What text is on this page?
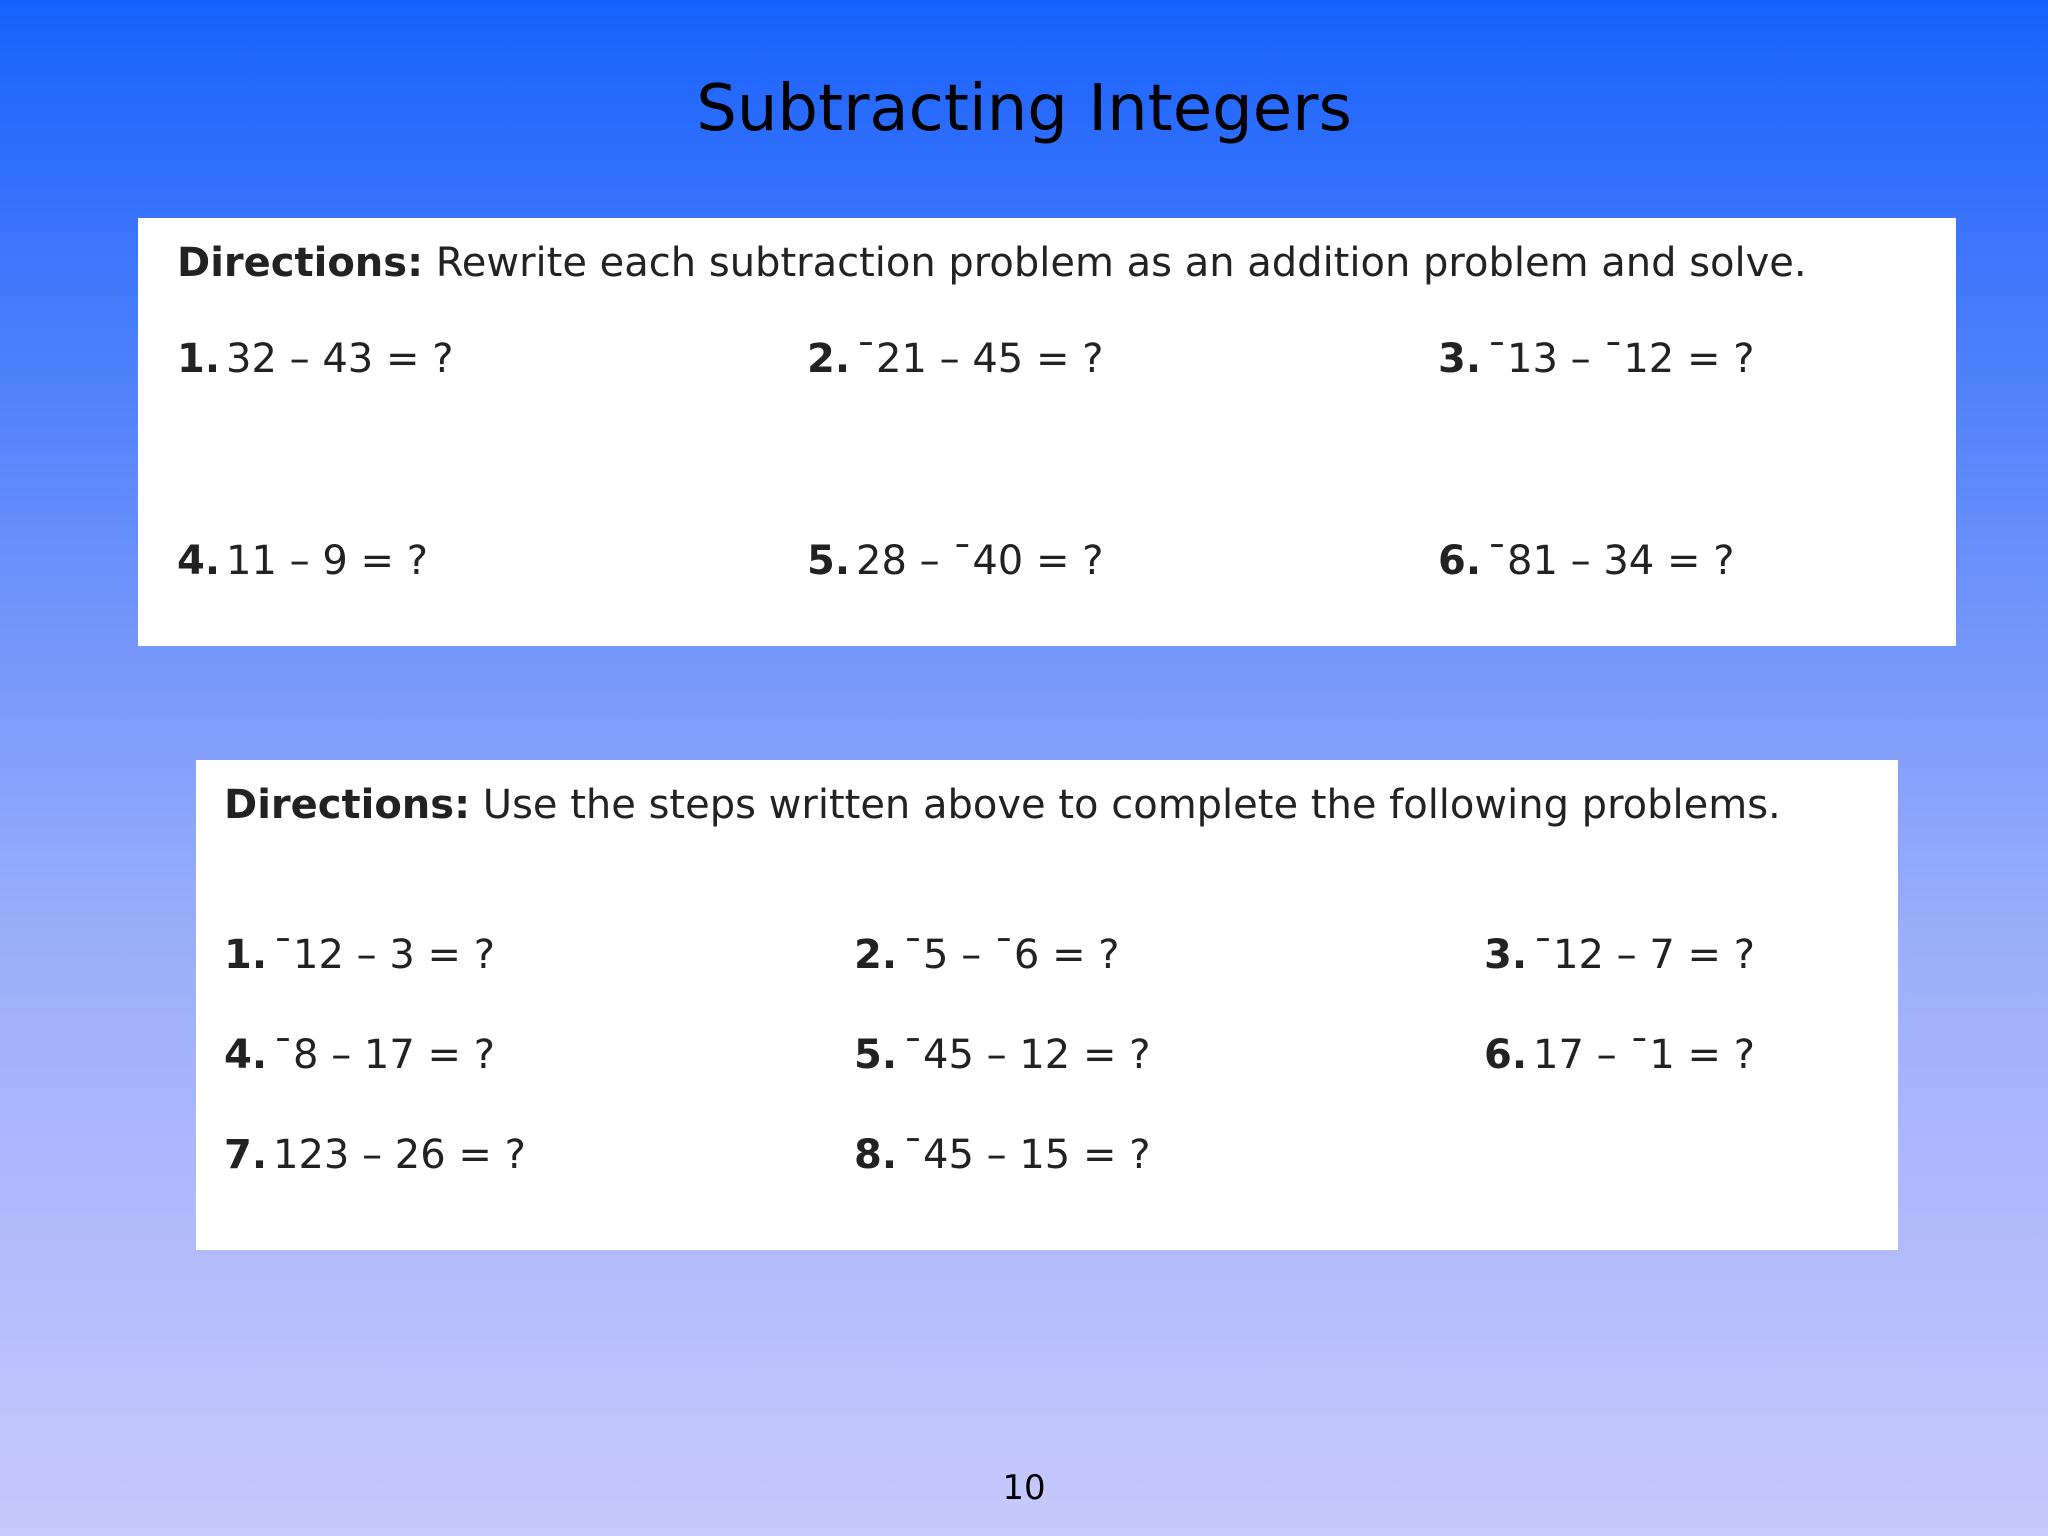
Subtracting Integers
Directions: Rewrite each subtraction problem as an addition problem and solve.
1. 32 – 43 = ?	2. ¯21 – 45 = ?	3. ¯13 – ¯12 = ?
4. 11 – 9 = ?	5. 28 – ¯40 = ?	6. ¯81 – 34 = ?
Directions: Use the steps written above to complete the following problems.
1. ¯12 – 3 = ?	2. ¯5 – ¯6 = ?	3. ¯12 – 7 = ?
4. ¯8 – 17 = ?	5. ¯45 – 12 = ?	6. 17 – ¯1 = ?
7. 123 – 26 = ?	8. ¯45 – 15 = ?
10
